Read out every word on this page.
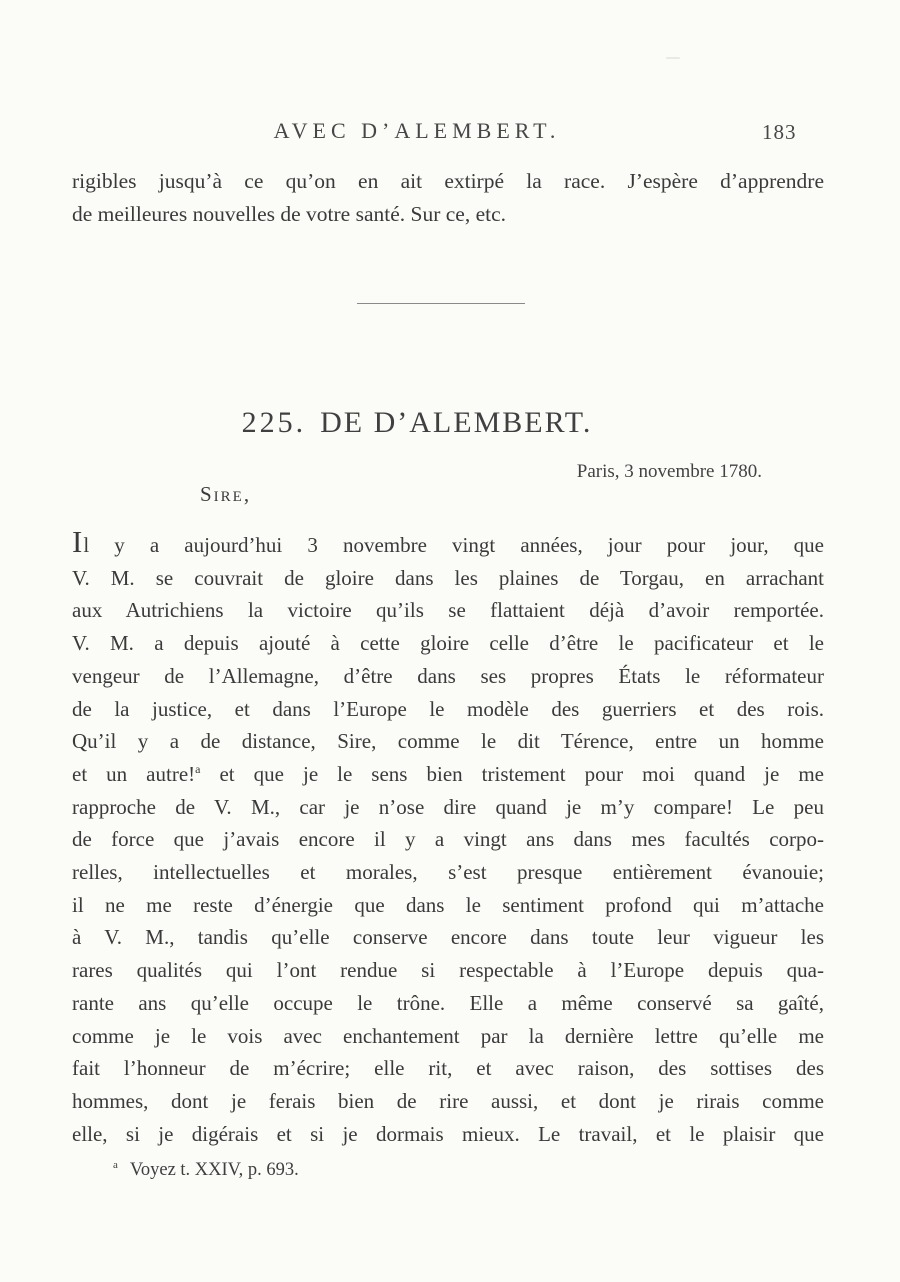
AVEC D’ALEMBERT.	183
rigibles jusqu’à ce qu’on en ait extirpé la race. J’espère d’apprendre
de meilleures nouvelles de votre santé. Sur ce, etc.
225. DE D’ALEMBERT.
Paris, 3 novembre 1780.
Sire,
Il y a aujourd’hui 3 novembre vingt années, jour pour jour, que
V. M. se couvrait de gloire dans les plaines de Torgau, en arrachant
aux Autrichiens la victoire qu’ils se flattaient déjà d’avoir remportée.
V. M. a depuis ajouté à cette gloire celle d’être le pacificateur et le
vengeur de l’Allemagne, d’être dans ses propres États le réformateur
de la justice, et dans l’Europe le modèle des guerriers et des rois.
Qu’il y a de distance, Sire, comme le dit Térence, entre un homme
et un autre!$^a$ et que je le sens bien tristement pour moi quand je me
rapproche de V. M., car je n’ose dire quand je m’y compare! Le peu
de force que j’avais encore il y a vingt ans dans mes facultés corpo-
relles, intellectuelles et morales, s’est presque entièrement évanouie;
il ne me reste d’énergie que dans le sentiment profond qui m’attache
à V. M., tandis qu’elle conserve encore dans toute leur vigueur les
rares qualités qui l’ont rendue si respectable à l’Europe depuis qua-
rante ans qu’elle occupe le trône. Elle a même conservé sa gaîté,
comme je le vois avec enchantement par la dernière lettre qu’elle me
fait l’honneur de m’écrire; elle rit, et avec raison, des sottises des
hommes, dont je ferais bien de rire aussi, et dont je rirais comme
elle, si je digérais et si je dormais mieux. Le travail, et le plaisir que
$^a$ Voyez t. XXIV, p. 693.
